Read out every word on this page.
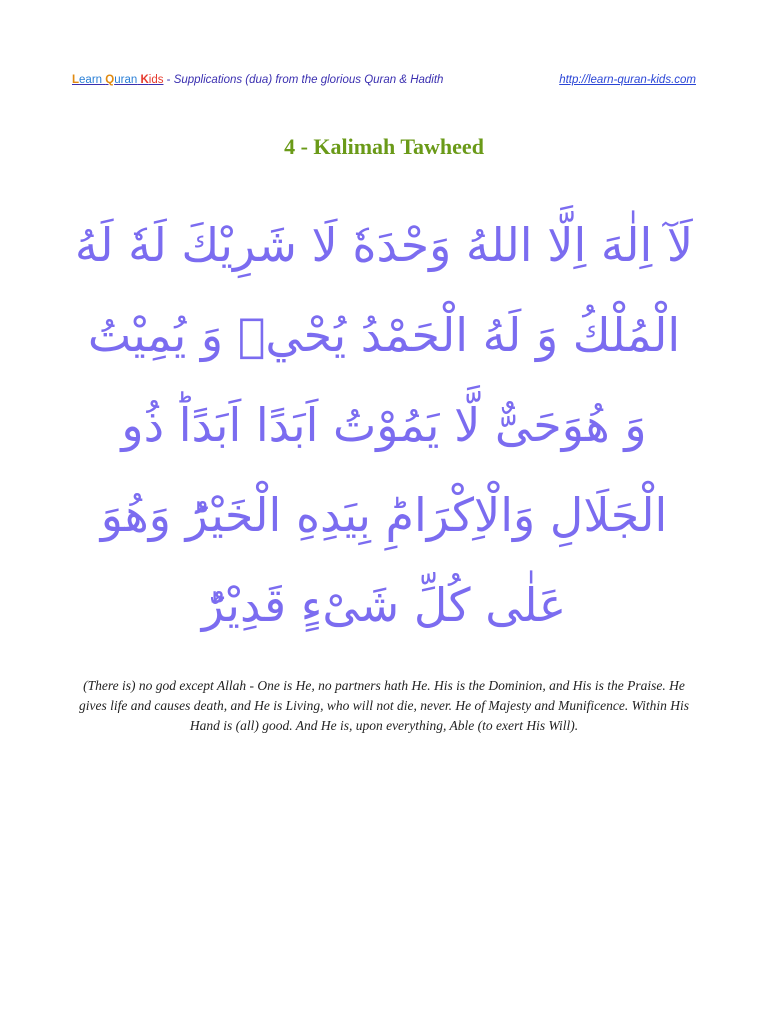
Learn Quran Kids - Supplications (dua) from the glorious Quran & Hadith	http://learn-quran-kids.com
4 - Kalimah Tawheed
لَآ اِلٰهَ اِلَّا اللهُ وَحْدَهٗ لَا شَرِيْكَ لَهٗ لَهُ الْمُلْكُ وَ لَهُ الْحَمْدُ يُحْيٖ وَ يُمِيْتُ وَ هُوَحَیٌّ لَّا يَمُوْتُ اَبَدًا اَبَدًاؕ ذُو الْجَلَالِ وَالْاِكْرَامِؕ بِيَدِهِ الْخَيْرُؕ وَهُوَ عَلٰی كُلِّ شَیْءٍ قَدِيْرٌؕ
(There is) no god except Allah - One is He, no partners hath He. His is the Dominion, and His is the Praise. He gives life and causes death, and He is Living, who will not die, never. He of Majesty and Munificence. Within His Hand is (all) good. And He is, upon everything, Able (to exert His Will).
